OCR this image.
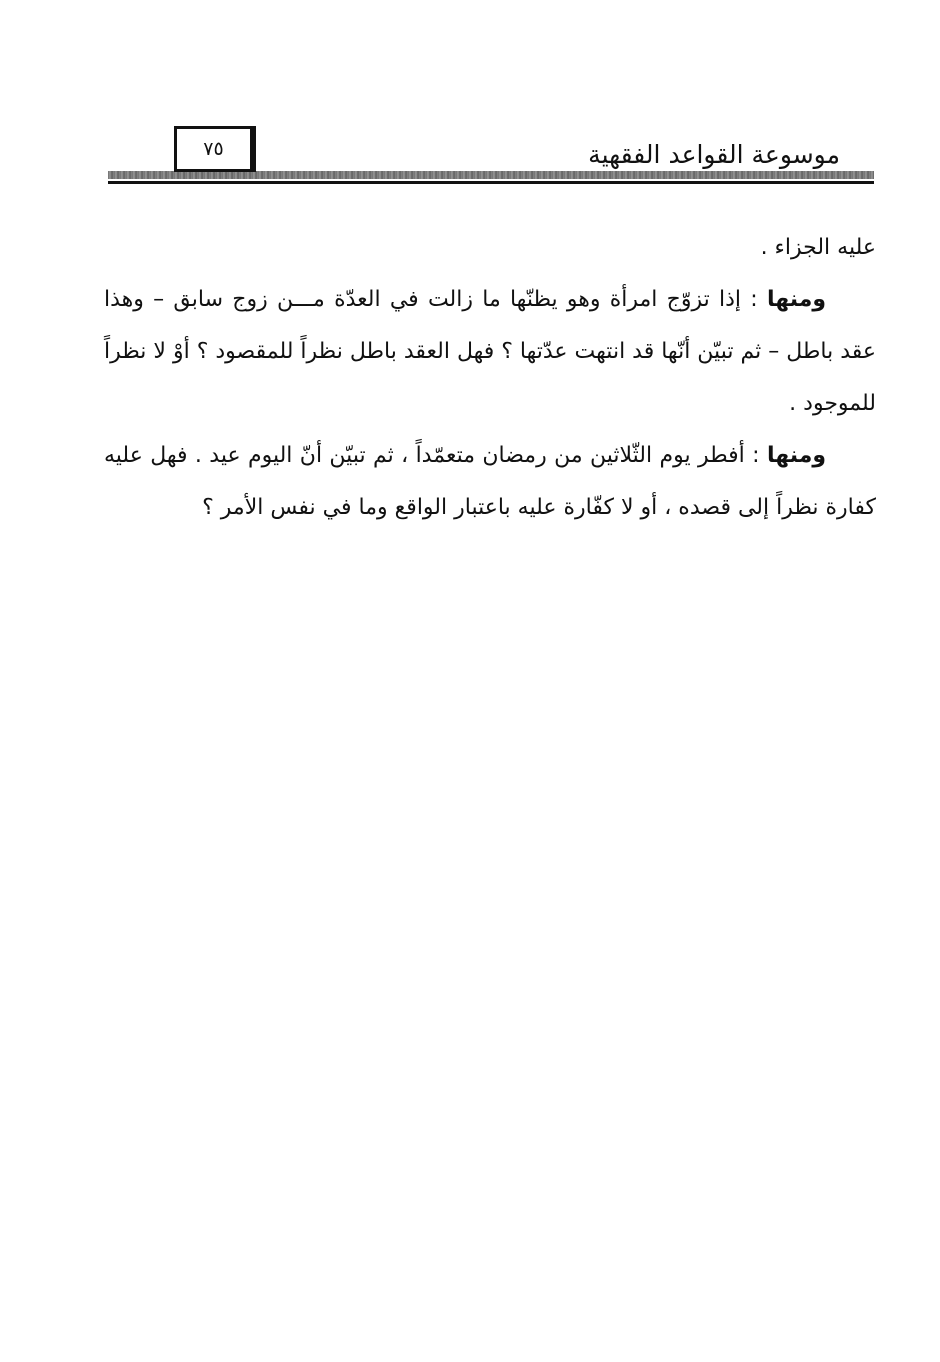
٧٥	موسوعة القواعد الفقهية

عليه الجزاء .

ومنها : إذا تزوّج امرأة وهو يظنّها ما زالت في العدّة مـــن زوج سابق – وهذا عقد باطل – ثم تبيّن أنّها قد انتهت عدّتها ؟ فهل العقد باطل نظراً للمقصود ؟ أوْ لا نظراً للموجود .

ومنها : أفطر يوم الثّلاثين من رمضان متعمّداً ، ثم تبيّن أنّ اليوم عيد . فهل عليه كفارة نظراً إلى قصده ، أو لا كفّارة عليه باعتبار الواقع وما في نفس الأمر ؟
